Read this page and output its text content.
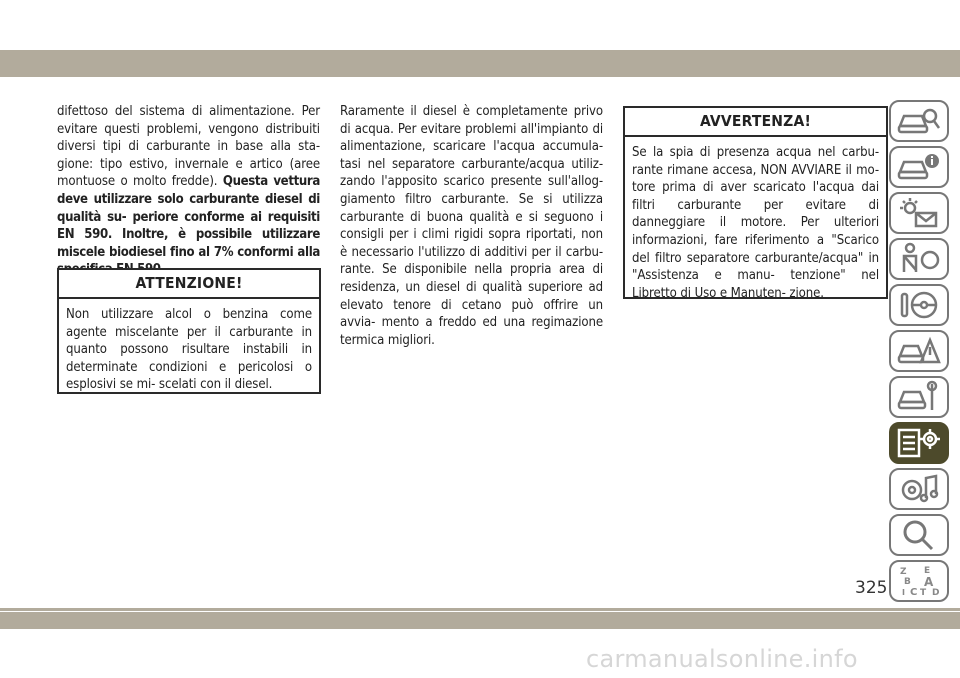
difettoso del sistema di alimentazione. Per evitare questi problemi, vengono distribuiti diversi tipi di carburante in base alla sta- gione: tipo estivo, invernale e artico (aree montuose o molto fredde). Questa vettura deve utilizzare solo carburante diesel di qualità su- periore conforme ai requisiti EN 590. Inoltre, è possibile utilizzare miscele biodiesel fino al 7% conformi alla
ATTENZIONE!
Non utilizzare alcol o benzina come agente miscelante per il carburante in quanto possono risultare instabili in determinate condizioni e pericolosi o esplosivi se mi- scelati con il diesel.
Raramente il diesel è completamente privo di acqua. Per evitare problemi all'impianto di alimentazione, scaricare l'acqua accumula- tasi nel separatore carburante/acqua utiliz- zando l'apposito scarico presente sull'allog- giamento filtro carburante. Se si utilizza carburante di buona qualità e si seguono i consigli per i climi rigidi sopra riportati, non è necessario l'utilizzo di additivi per il carbu- rante. Se disponibile nella propria area di residenza, un diesel di qualità superiore ad elevato tenore di cetano può offrire un avvia- mento a freddo ed una regimazione termica migliori.
AVVERTENZA!
Se la spia di presenza acqua nel carbu- rante rimane accesa, NON AVVIARE il mo- tore prima di aver scaricato l'acqua dai filtri carburante per evitare di danneggiare il motore. Per ulteriori informazioni, fare riferimento a "Scarico del filtro separatore carburante/acqua" in "Assistenza e manu- tenzione" nel Libretto di Uso e Manuten- zione.
Z E
B A
C D
I T
325
carmanualsonline.info
